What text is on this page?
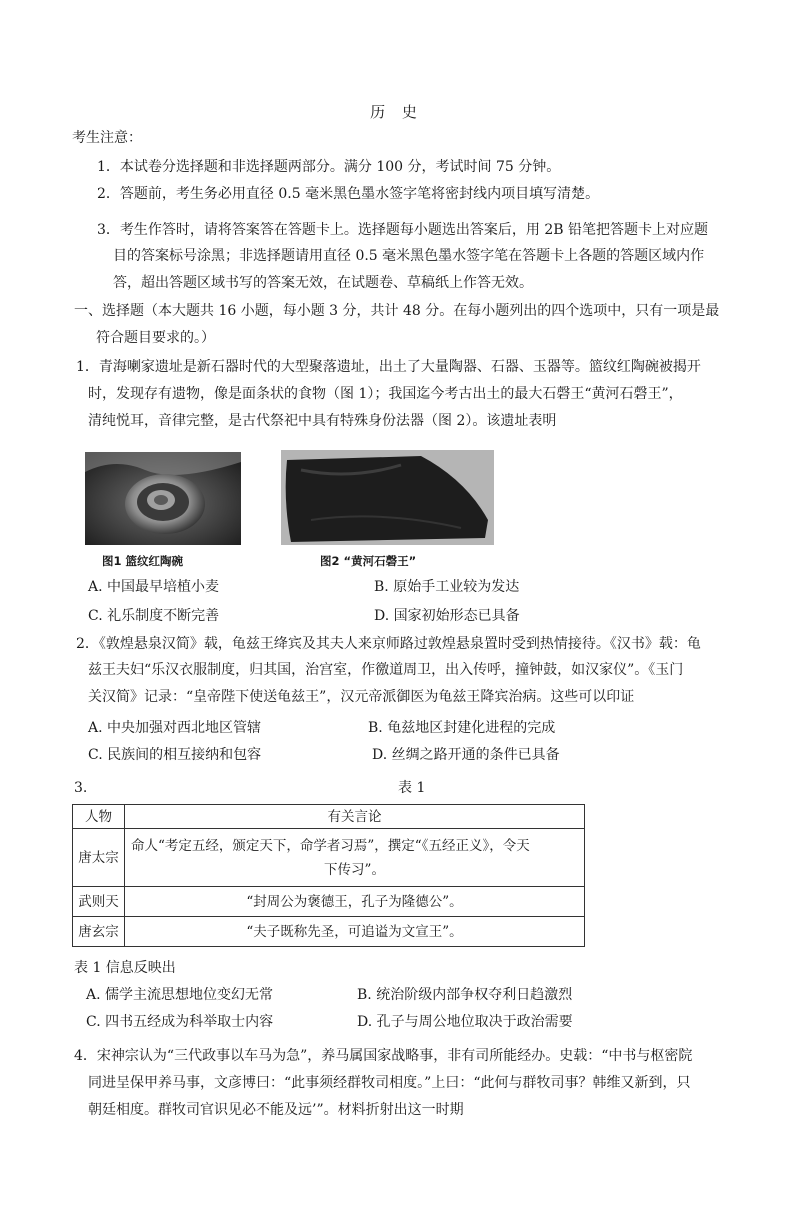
历 史
考生注意：
1．本试卷分选择题和非选择题两部分。满分 100 分，考试时间 75 分钟。
2．答题前，考生务必用直径 0.5 毫米黑色墨水签字笔将密封线内项目填写清楚。
3．考生作答时，请将答案答在答题卡上。选择题每小题选出答案后，用 2B 铅笔把答题卡上对应题
目的答案标号涂黑；非选择题请用直径 0.5 毫米黑色墨水签字笔在答题卡上各题的答题区域内作
答，超出答题区域书写的答案无效，在试题卷、草稿纸上作答无效。
一、选择题（本大题共 16 小题，每小题 3 分，共计 48 分。在每小题列出的四个选项中，只有一项是最
符合题目要求的。）
1．青海喇家遗址是新石器时代的大型聚落遗址，出土了大量陶器、石器、玉器等。篮纹红陶碗被揭开
时，发现存有遗物，像是面条状的食物（图 1）；我国迄今考古出土的最大石磬王“黄河石磬王”，
清纯悦耳，音律完整，是古代祭祀中具有特殊身份法器（图 2）。该遗址表明
图1 篮纹红陶碗	图2 “黄河石磬王”
A. 中国最早培植小麦	B. 原始手工业较为发达
C. 礼乐制度不断完善	D. 国家初始形态已具备
2．《敦煌悬泉汉简》载，龟兹王绛宾及其夫人来京师路过敦煌悬泉置时受到热情接待。《汉书》载：龟
兹王夫妇“乐汉衣服制度，归其国，治宫室，作徼道周卫，出入传呼，撞钟鼓，如汉家仪”。《玉门
关汉简》记录：“皇帝陛下使送龟兹王”，汉元帝派御医为龟兹王降宾治病。这些可以印证
A. 中央加强对西北地区管辖	B. 龟兹地区封建化进程的完成
C. 民族间的相互接纳和包容	D. 丝绸之路开通的条件已具备
3.	表 1
人物	有关言论
唐太宗	命人“考定五经，颁定天下，命学者习焉”，撰定“《五经正义》，令天
下传习”。

武则天	“封周公为褒德王，孔子为隆德公”。
唐玄宗	“夫子既称先圣，可追谥为文宣王”。
表 1 信息反映出
A. 儒学主流思想地位变幻无常	B. 统治阶级内部争权夺利日趋激烈
C. 四书五经成为科举取士内容	D. 孔子与周公地位取决于政治需要
4．宋神宗认为“三代政事以车马为急”，养马属国家战略事，非有司所能经办。史载：“中书与枢密院
同进呈保甲养马事，文彦博曰：“此事须经群牧司相度。”上曰：“此何与群牧司事？韩维又新到，只
朝廷相度。群牧司官识见必不能及远’”。材料折射出这一时期
